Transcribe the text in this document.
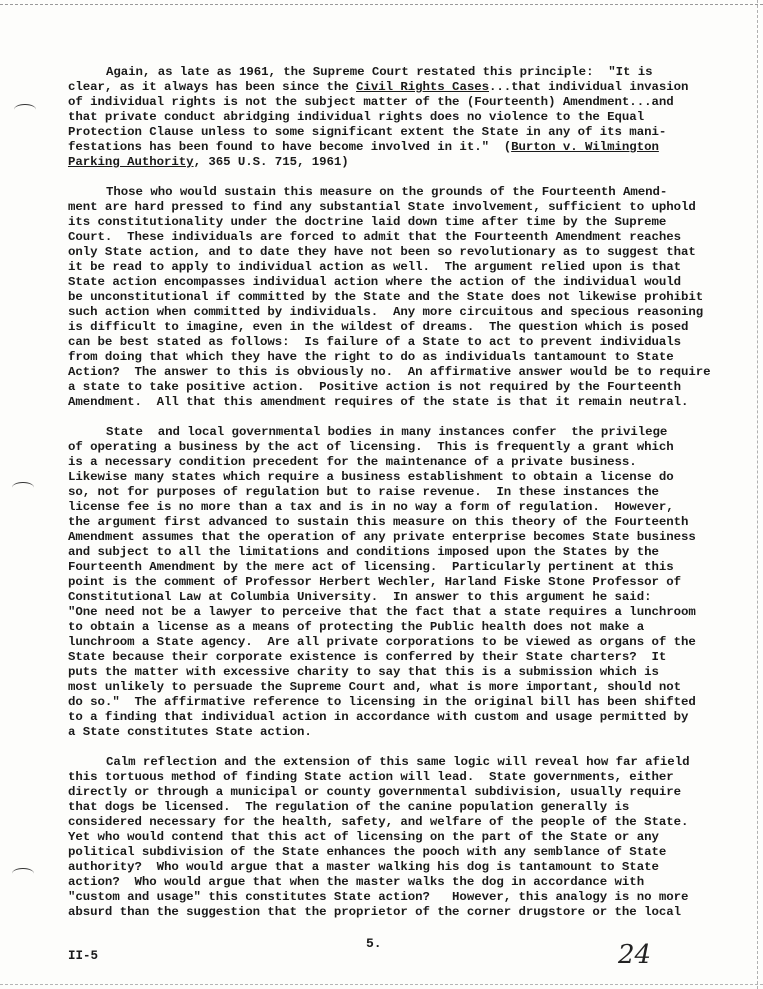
Again, as late as 1961, the Supreme Court restated this principle:  "It is
clear, as it always has been since the Civil Rights Cases...that individual invasion
of individual rights is not the subject matter of the (Fourteenth) Amendment...and
that private conduct abridging individual rights does no violence to the Equal
Protection Clause unless to some significant extent the State in any of its mani-
festations has been found to have become involved in it."  (Burton v. Wilmington
Parking Authority, 365 U.S. 715, 1961)
Those who would sustain this measure on the grounds of the Fourteenth Amend-
ment are hard pressed to find any substantial State involvement, sufficient to uphold
its constitutionality under the doctrine laid down time after time by the Supreme
Court.  These individuals are forced to admit that the Fourteenth Amendment reaches
only State action, and to date they have not been so revolutionary as to suggest that
it be read to apply to individual action as well.  The argument relied upon is that
State action encompasses individual action where the action of the individual would
be unconstitutional if committed by the State and the State does not likewise prohibit
such action when committed by individuals.  Any more circuitous and specious reasoning
is difficult to imagine, even in the wildest of dreams.  The question which is posed
can be best stated as follows:  Is failure of a State to act to prevent individuals
from doing that which they have the right to do as individuals tantamount to State
Action?  The answer to this is obviously no.  An affirmative answer would be to require
a state to take positive action.  Positive action is not required by the Fourteenth
Amendment.  All that this amendment requires of the state is that it remain neutral.
State  and local governmental bodies in many instances confer  the privilege
of operating a business by the act of licensing.  This is frequently a grant which
is a necessary condition precedent for the maintenance of a private business.
Likewise many states which require a business establishment to obtain a license do
so, not for purposes of regulation but to raise revenue.  In these instances the
license fee is no more than a tax and is in no way a form of regulation.  However,
the argument first advanced to sustain this measure on this theory of the Fourteenth
Amendment assumes that the operation of any private enterprise becomes State business
and subject to all the limitations and conditions imposed upon the States by the
Fourteenth Amendment by the mere act of licensing.  Particularly pertinent at this
point is the comment of Professor Herbert Wechler, Harland Fiske Stone Professor of
Constitutional Law at Columbia University.  In answer to this argument he said:
"One need not be a lawyer to perceive that the fact that a state requires a lunchroom
to obtain a license as a means of protecting the Public health does not make a
lunchroom a State agency.  Are all private corporations to be viewed as organs of the
State because their corporate existence is conferred by their State charters?  It
puts the matter with excessive charity to say that this is a submission which is
most unlikely to persuade the Supreme Court and, what is more important, should not
do so."  The affirmative reference to licensing in the original bill has been shifted
to a finding that individual action in accordance with custom and usage permitted by
a State constitutes State action.
Calm reflection and the extension of this same logic will reveal how far afield
this tortuous method of finding State action will lead.  State governments, either
directly or through a municipal or county governmental subdivision, usually require
that dogs be licensed.  The regulation of the canine population generally is
considered necessary for the health, safety, and welfare of the people of the State.
Yet who would contend that this act of licensing on the part of the State or any
political subdivision of the State enhances the pooch with any semblance of State
authority?  Who would argue that a master walking his dog is tantamount to State
action?  Who would argue that when the master walks the dog in accordance with
"custom and usage" this constitutes State action?   However, this analogy is no more
absurd than the suggestion that the proprietor of the corner drugstore or the local
II-5
5.	24
